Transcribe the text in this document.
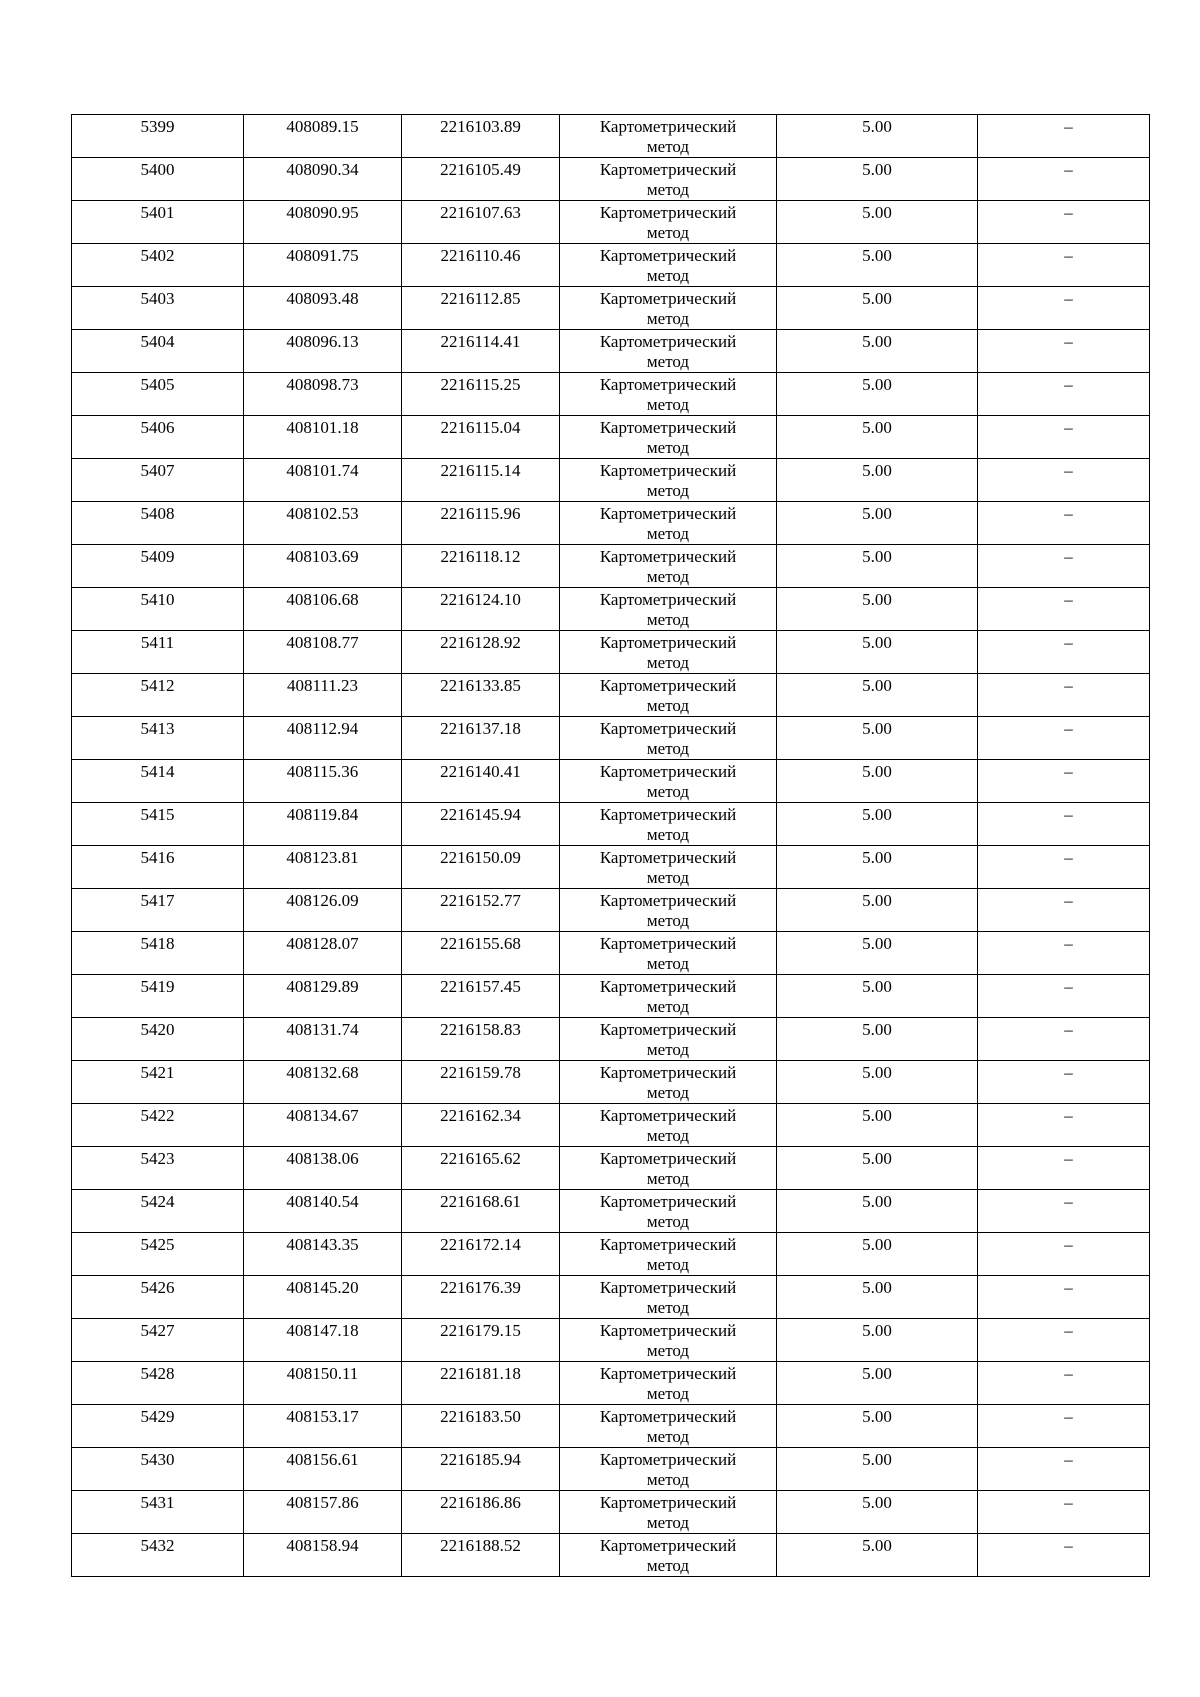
5399	408089.15	2216103.89	Картометрический
метод	5.00	–

5400	408090.34	2216105.49	Картометрический
метод	5.00	–

5401	408090.95	2216107.63	Картометрический
метод	5.00	–

5402	408091.75	2216110.46	Картометрический
метод	5.00	–

5403	408093.48	2216112.85	Картометрический
метод	5.00	–

5404	408096.13	2216114.41	Картометрический
метод	5.00	–

5405	408098.73	2216115.25	Картометрический
метод	5.00	–

5406	408101.18	2216115.04	Картометрический
метод	5.00	–

5407	408101.74	2216115.14	Картометрический
метод	5.00	–

5408	408102.53	2216115.96	Картометрический
метод	5.00	–

5409	408103.69	2216118.12	Картометрический
метод	5.00	–

5410	408106.68	2216124.10	Картометрический
метод	5.00	–

5411	408108.77	2216128.92	Картометрический
метод	5.00	–

5412	408111.23	2216133.85	Картометрический
метод	5.00	–

5413	408112.94	2216137.18	Картометрический
метод	5.00	–

5414	408115.36	2216140.41	Картометрический
метод	5.00	–

5415	408119.84	2216145.94	Картометрический
метод	5.00	–

5416	408123.81	2216150.09	Картометрический
метод	5.00	–

5417	408126.09	2216152.77	Картометрический
метод	5.00	–

5418	408128.07	2216155.68	Картометрический
метод	5.00	–

5419	408129.89	2216157.45	Картометрический
метод	5.00	–

5420	408131.74	2216158.83	Картометрический
метод	5.00	–

5421	408132.68	2216159.78	Картометрический
метод	5.00	–

5422	408134.67	2216162.34	Картометрический
метод	5.00	–

5423	408138.06	2216165.62	Картометрический
метод	5.00	–

5424	408140.54	2216168.61	Картометрический
метод	5.00	–

5425	408143.35	2216172.14	Картометрический
метод	5.00	–

5426	408145.20	2216176.39	Картометрический
метод	5.00	–

5427	408147.18	2216179.15	Картометрический
метод	5.00	–

5428	408150.11	2216181.18	Картометрический
метод	5.00	–

5429	408153.17	2216183.50	Картометрический
метод	5.00	–

5430	408156.61	2216185.94	Картометрический
метод	5.00	–

5431	408157.86	2216186.86	Картометрический
метод	5.00	–

5432	408158.94	2216188.52	Картометрический
метод	5.00	–
